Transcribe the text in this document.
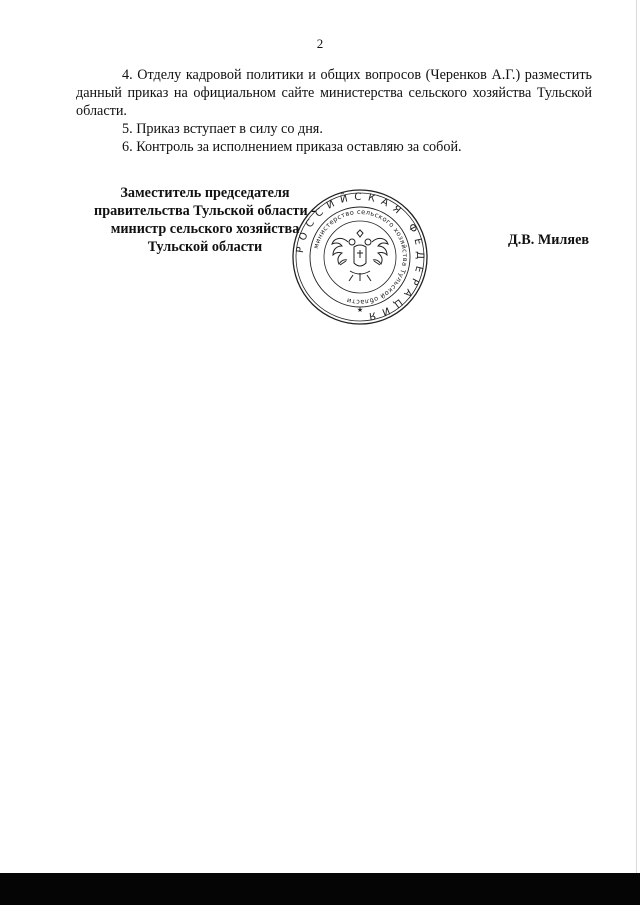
2

4. Отделу кадровой политики и общих вопросов (Черенков А.Г.) разместить данный приказ на официальном сайте министерства сельского хозяйства Тульской области.

5. Приказ вступает в силу со дня.

6. Контроль за исполнением приказа оставляю за собой.

РОССИЙСКАЯ ФЕДЕРАЦИЯ
министерство сельского хозяйства Тульской области
★
Заместитель председателя
правительства Тульской области -
министр сельского хозяйства
Тульской области	Д.В. Миляев
